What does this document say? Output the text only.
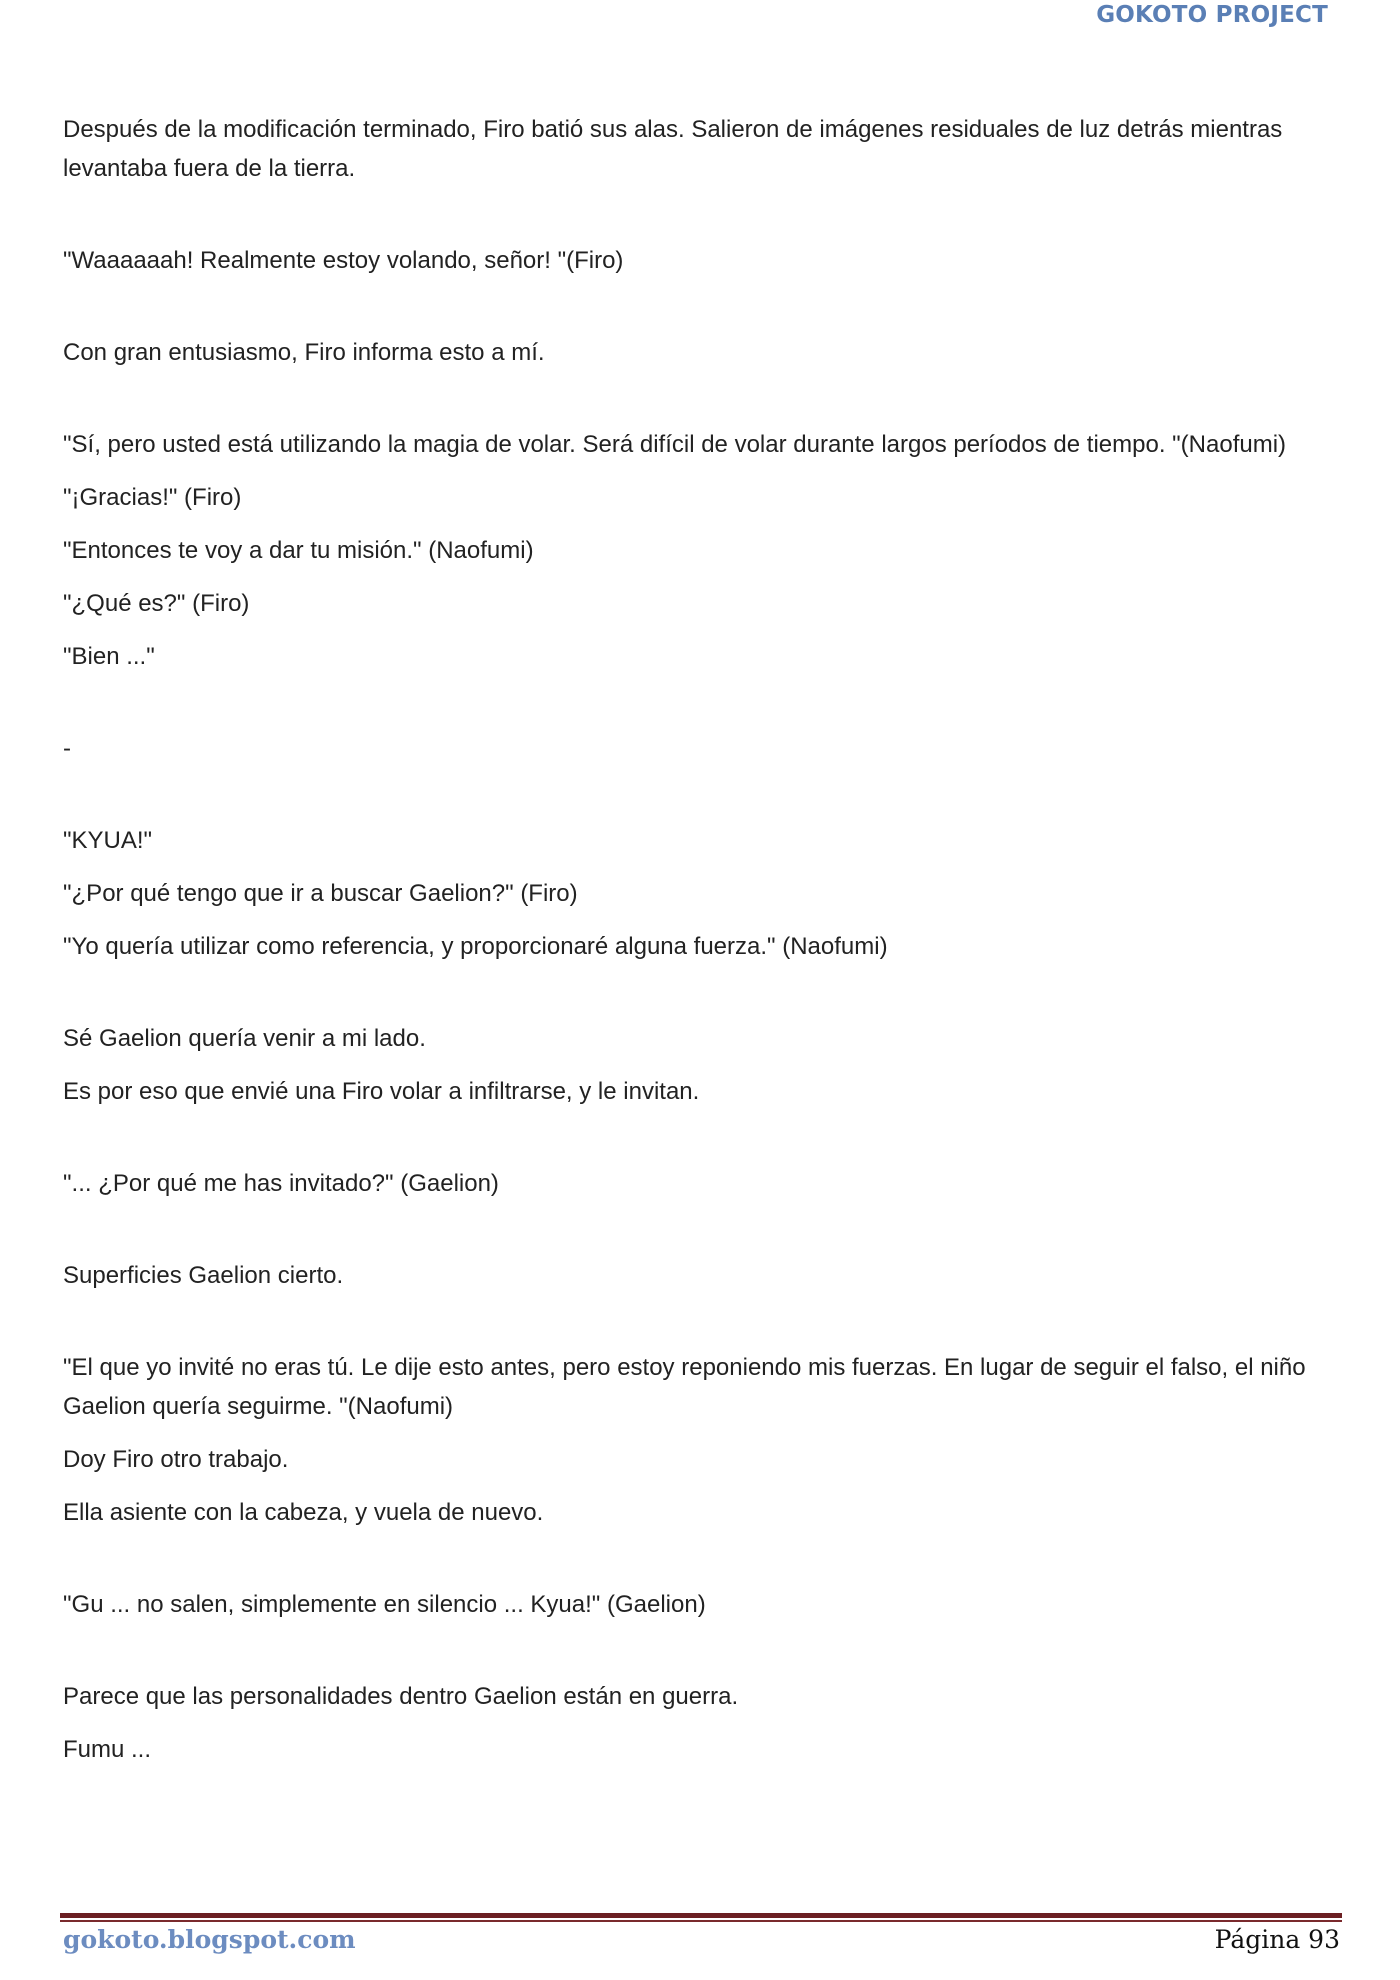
GOKOTO PROJECT

Después de la modificación terminado, Firo batió sus alas. Salieron de imágenes residuales de luz detrás mientras levantaba fuera de la tierra.

"Waaaaaah! Realmente estoy volando, señor! "(Firo)

Con gran entusiasmo, Firo informa esto a mí.

"Sí, pero usted está utilizando la magia de volar. Será difícil de volar durante largos períodos de tiempo. "(Naofumi)

"¡Gracias!" (Firo)

"Entonces te voy a dar tu misión." (Naofumi)

"¿Qué es?" (Firo)

"Bien ..."

-

"KYUA!"

"¿Por qué tengo que ir a buscar Gaelion?" (Firo)

"Yo quería utilizar como referencia, y proporcionaré alguna fuerza." (Naofumi)

Sé Gaelion quería venir a mi lado.

Es por eso que envié una Firo volar a infiltrarse, y le invitan.

"... ¿Por qué me has invitado?" (Gaelion)

Superficies Gaelion cierto.

"El que yo invité no eras tú. Le dije esto antes, pero estoy reponiendo mis fuerzas. En lugar de seguir el falso, el niño Gaelion quería seguirme. "(Naofumi)

Doy Firo otro trabajo.

Ella asiente con la cabeza, y vuela de nuevo.

"Gu ... no salen, simplemente en silencio ... Kyua!" (Gaelion)

Parece que las personalidades dentro Gaelion están en guerra.

Fumu ...

gokoto.blogspot.com	Página 93
